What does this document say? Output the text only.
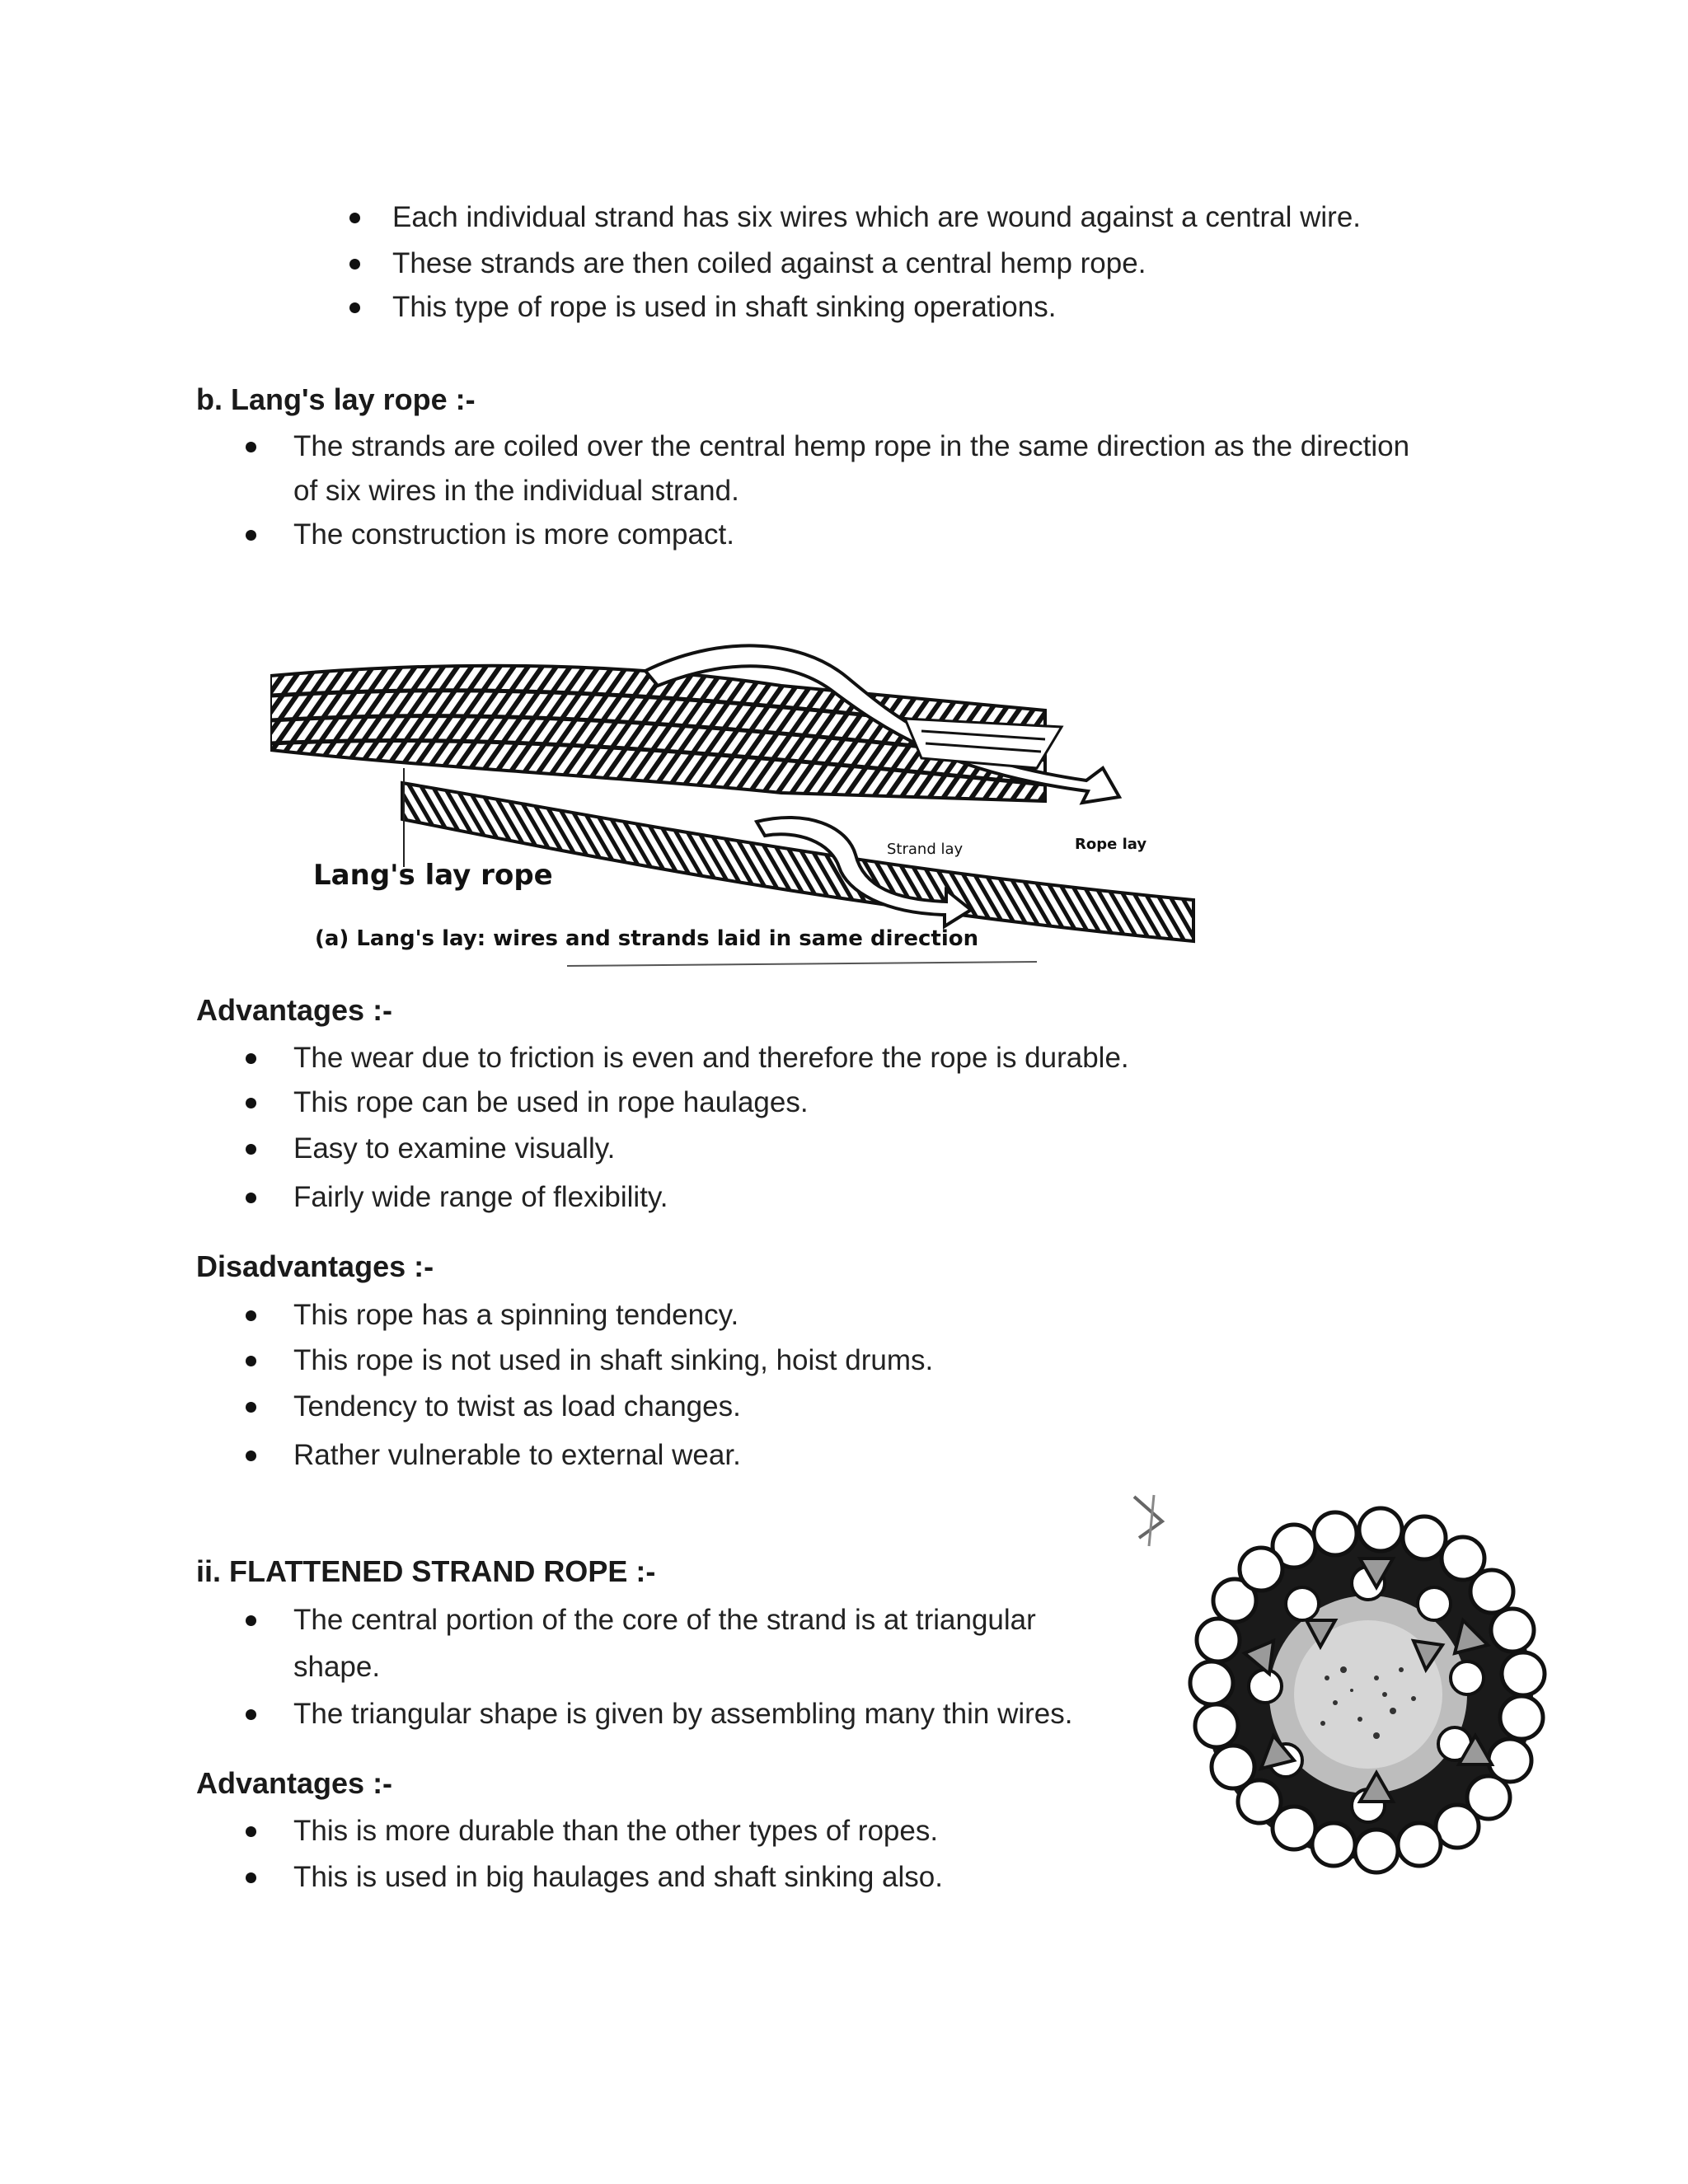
Each individual strand has six wires which are wound against a central wire.
These strands are then coiled against a central hemp rope.
This type of rope is used in shaft sinking operations.
b. Lang's lay rope :-
The strands are coiled over the central hemp rope in the same direction as the direction
of six wires in the individual strand.
The construction is more compact.
Lang's lay rope
(a) Lang's lay: wires and strands laid in same direction
Strand lay	Rope lay
Advantages :-
The wear due to friction is even and therefore the rope is durable.
This rope can be used in rope haulages.
Easy to examine visually.
Fairly wide range of flexibility.
Disadvantages :-
This rope has a spinning tendency.
This rope is not used in shaft sinking, hoist drums.
Tendency to twist as load changes.
Rather vulnerable to external wear.
ii. FLATTENED STRAND ROPE :-
The central portion of the core of the strand is at triangular
shape.
The triangular shape is given by assembling many thin wires.
Advantages :-
This is more durable than the other types of ropes.
This is used in big haulages and shaft sinking also.
